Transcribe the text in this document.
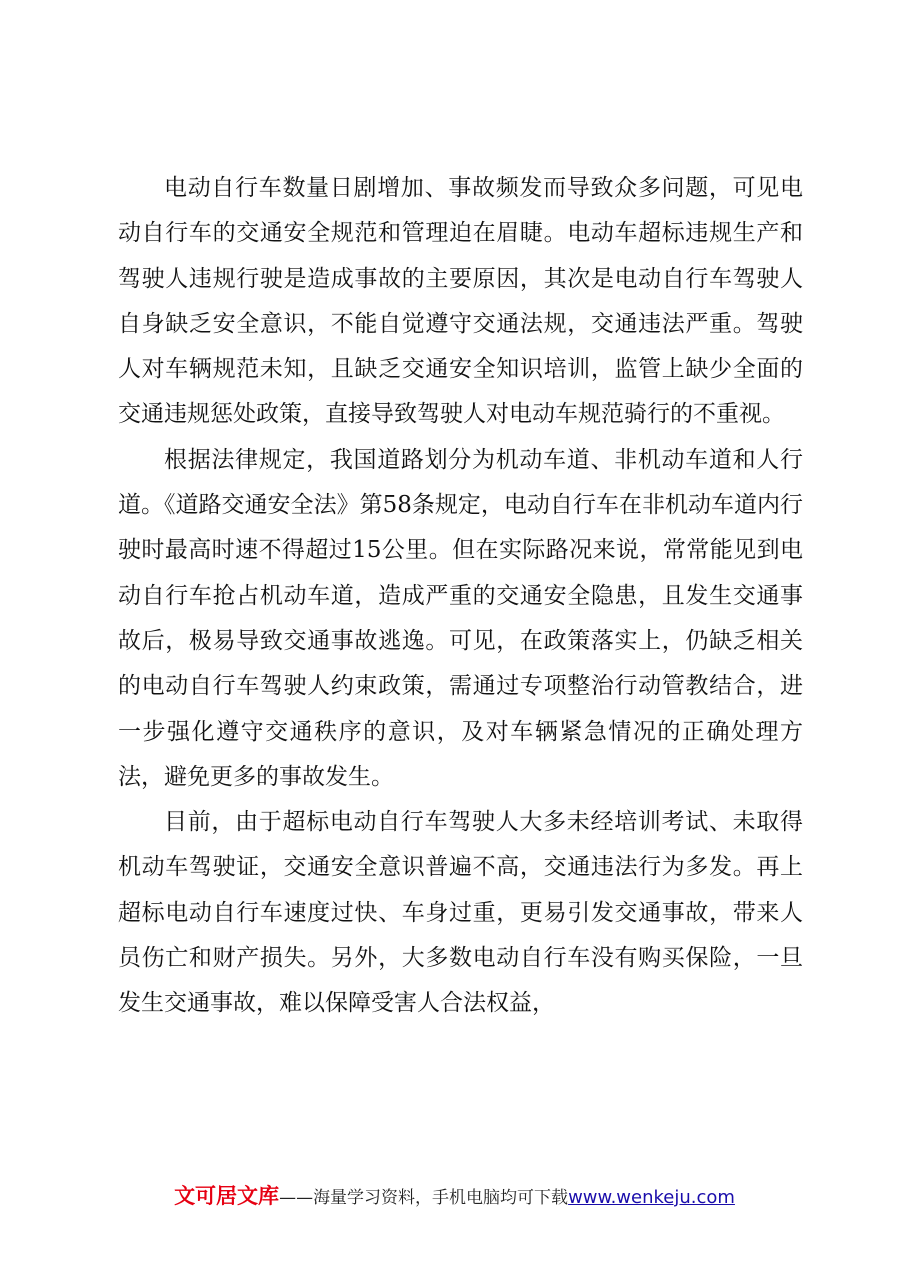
电动自行车数量日剧增加、事故频发而导致众多问题，可见电动自行车的交通安全规范和管理迫在眉睫。电动车超标违规生产和驾驶人违规行驶是造成事故的主要原因，其次是电动自行车驾驶人自身缺乏安全意识，不能自觉遵守交通法规，交通违法严重。驾驶人对车辆规范未知，且缺乏交通安全知识培训，监管上缺少全面的交通违规惩处政策，直接导致驾驶人对电动车规范骑行的不重视。

根据法律规定，我国道路划分为机动车道、非机动车道和人行道。《道路交通安全法》第58条规定，电动自行车在非机动车道内行驶时最高时速不得超过15公里。但在实际路况来说，常常能见到电动自行车抢占机动车道，造成严重的交通安全隐患，且发生交通事故后，极易导致交通事故逃逸。可见，在政策落实上，仍缺乏相关的电动自行车驾驶人约束政策，需通过专项整治行动管教结合，进一步强化遵守交通秩序的意识，及对车辆紧急情况的正确处理方法，避免更多的事故发生。

目前，由于超标电动自行车驾驶人大多未经培训考试、未取得机动车驾驶证，交通安全意识普遍不高，交通违法行为多发。再上超标电动自行车速度过快、车身过重，更易引发交通事故，带来人员伤亡和财产损失。另外，大多数电动自行车没有购买保险，一旦发生交通事故，难以保障受害人合法权益，

文可居文库——海量学习资料，手机电脑均可下载www.wenkeju.com
